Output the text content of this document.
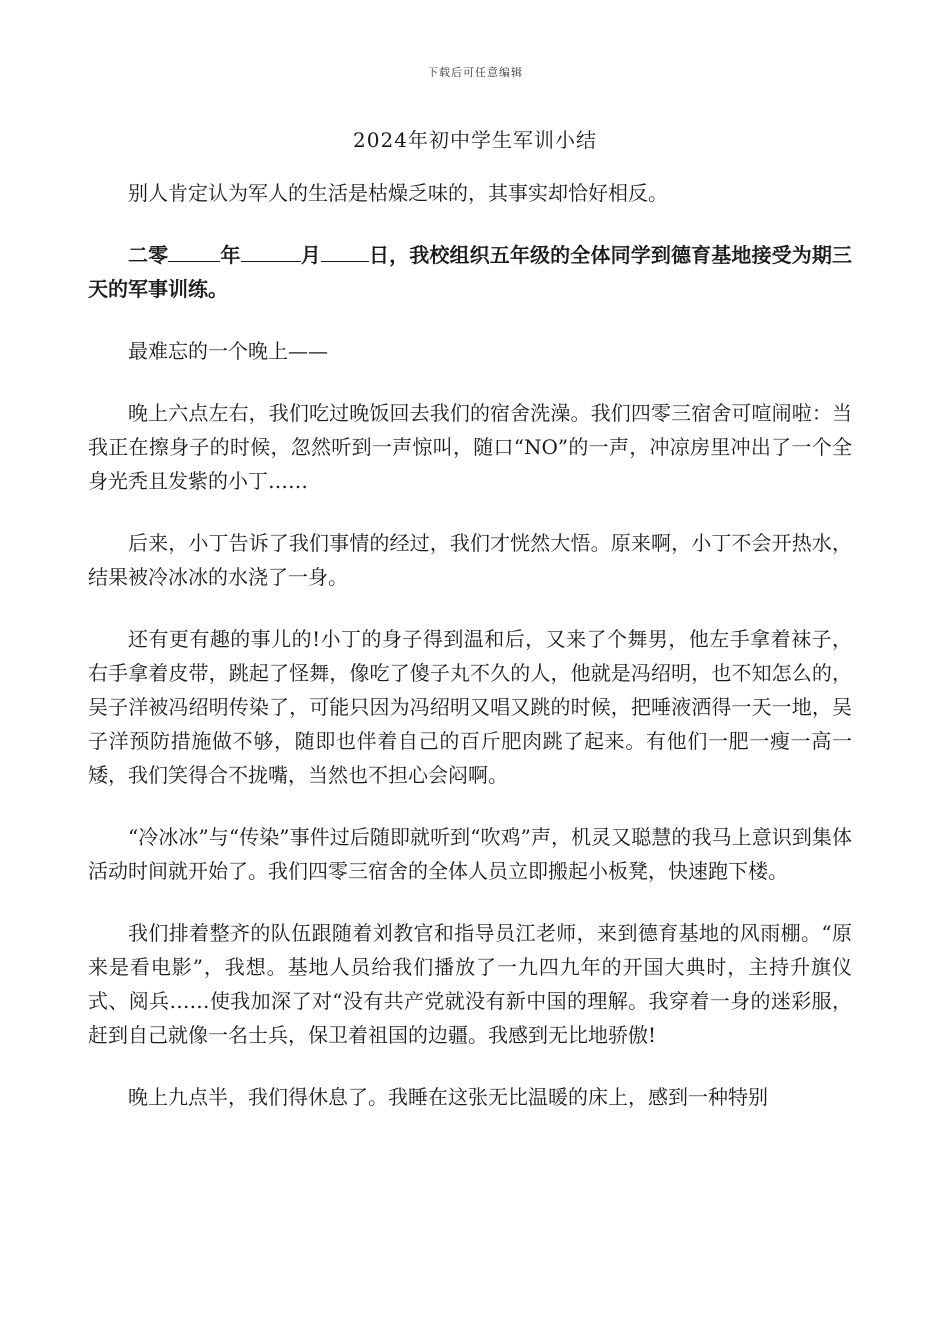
下载后可任意编辑
2024年初中学生军训小结

别人肯定认为军人的生活是枯燥乏味的，其事实却恰好相反。

二零	年	月 日，我校组织五年级的全体同学到德育基地接受为期三天的军事训练。

最难忘的一个晚上——

晚上六点左右，我们吃过晚饭回去我们的宿舍洗澡。我们四零三宿舍可喧闹啦：当我正在擦身子的时候，忽然听到一声惊叫，随口“NO”的一声，冲凉房里冲出了一个全身光秃且发紫的小丁……

后来，小丁告诉了我们事情的经过，我们才恍然大悟。原来啊，小丁不会开热水，结果被冷冰冰的水浇了一身。

还有更有趣的事儿的!小丁的身子得到温和后，又来了个舞男，他左手拿着袜子，右手拿着皮带，跳起了怪舞，像吃了傻子丸不久的人，他就是冯绍明，也不知怎么的，吴子洋被冯绍明传染了，可能只因为冯绍明又唱又跳的时候，把唾液洒得一天一地，吴子洋预防措施做不够，随即也伴着自己的百斤肥肉跳了起来。有他们一肥一瘦一高一矮，我们笑得合不拢嘴，当然也不担心会闷啊。

“冷冰冰”与“传染”事件过后随即就听到“吹鸡”声，机灵又聪慧的我马上意识到集体活动时间就开始了。我们四零三宿舍的全体人员立即搬起小板凳，快速跑下楼。

我们排着整齐的队伍跟随着刘教官和指导员江老师，来到德育基地的风雨棚。“原来是看电影”，我想。基地人员给我们播放了一九四九年的开国大典时，主持升旗仪式、阅兵……使我加深了对“没有共产党就没有新中国的理解。我穿着一身的迷彩服，赶到自己就像一名士兵，保卫着祖国的边疆。我感到无比地骄傲!

晚上九点半，我们得休息了。我睡在这张无比温暖的床上，感到一种特别
